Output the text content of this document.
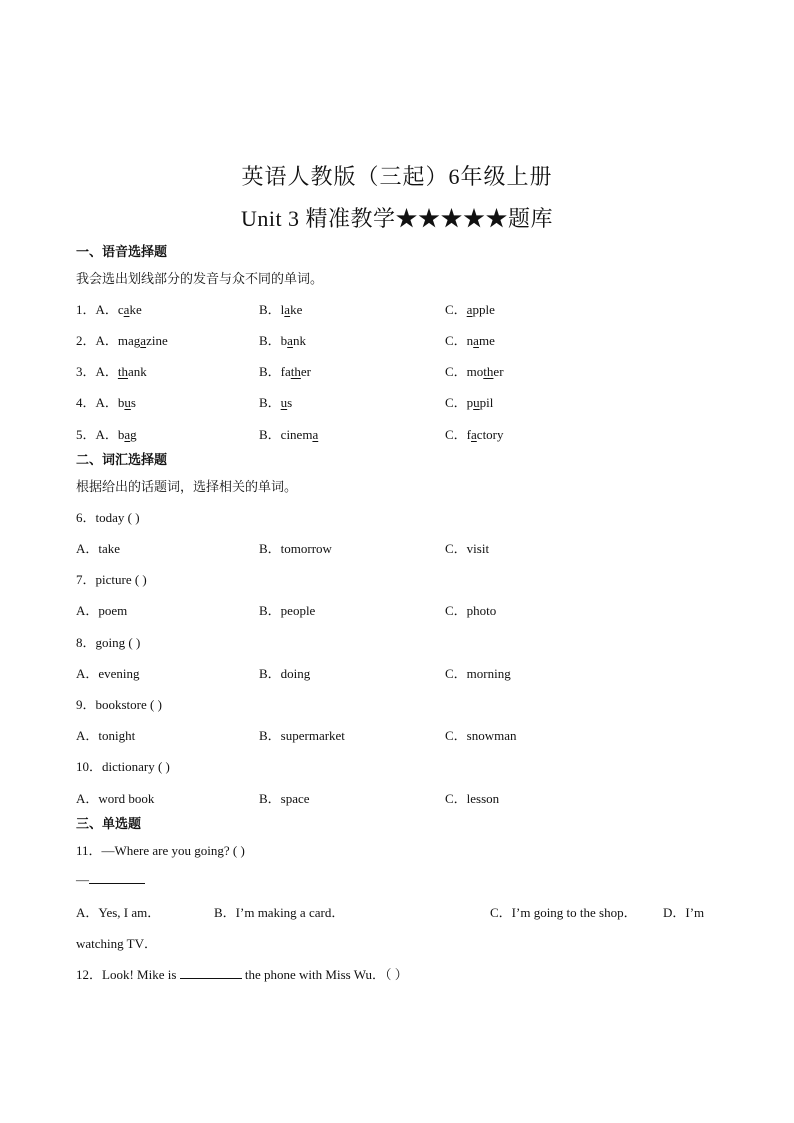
英语人教版（三起）6年级上册
Unit 3 精准教学★★★★★题库
一、语音选择题
我会选出划线部分的发音与众不同的单词。
1．A．cake	B．lake	C．apple
2．A．magazine	B．bank	C．name
3．A．thank	B．father	C．mother
4．A．bus	B．us	C．pupil
5．A．bag	B．cinema	C．factory
二、词汇选择题
根据给出的话题词，选择相关的单词。
6．today ( )
A．take	B．tomorrow	C．visit
7．picture ( )
A．poem	B．people	C．photo
8．going ( )
A．evening	B．doing	C．morning
9．bookstore ( )
A．tonight	B．supermarket	C．snowman
10．dictionary ( )
A．word book	B．space	C．lesson
三、单选题
11．—Where are you going? ( )
—
A．Yes, I am．	B．I’m making a card．	C．I’m going to the shop． D．I’m
watching TV．
12．Look! Mike is	the phone with Miss Wu．（ ）
